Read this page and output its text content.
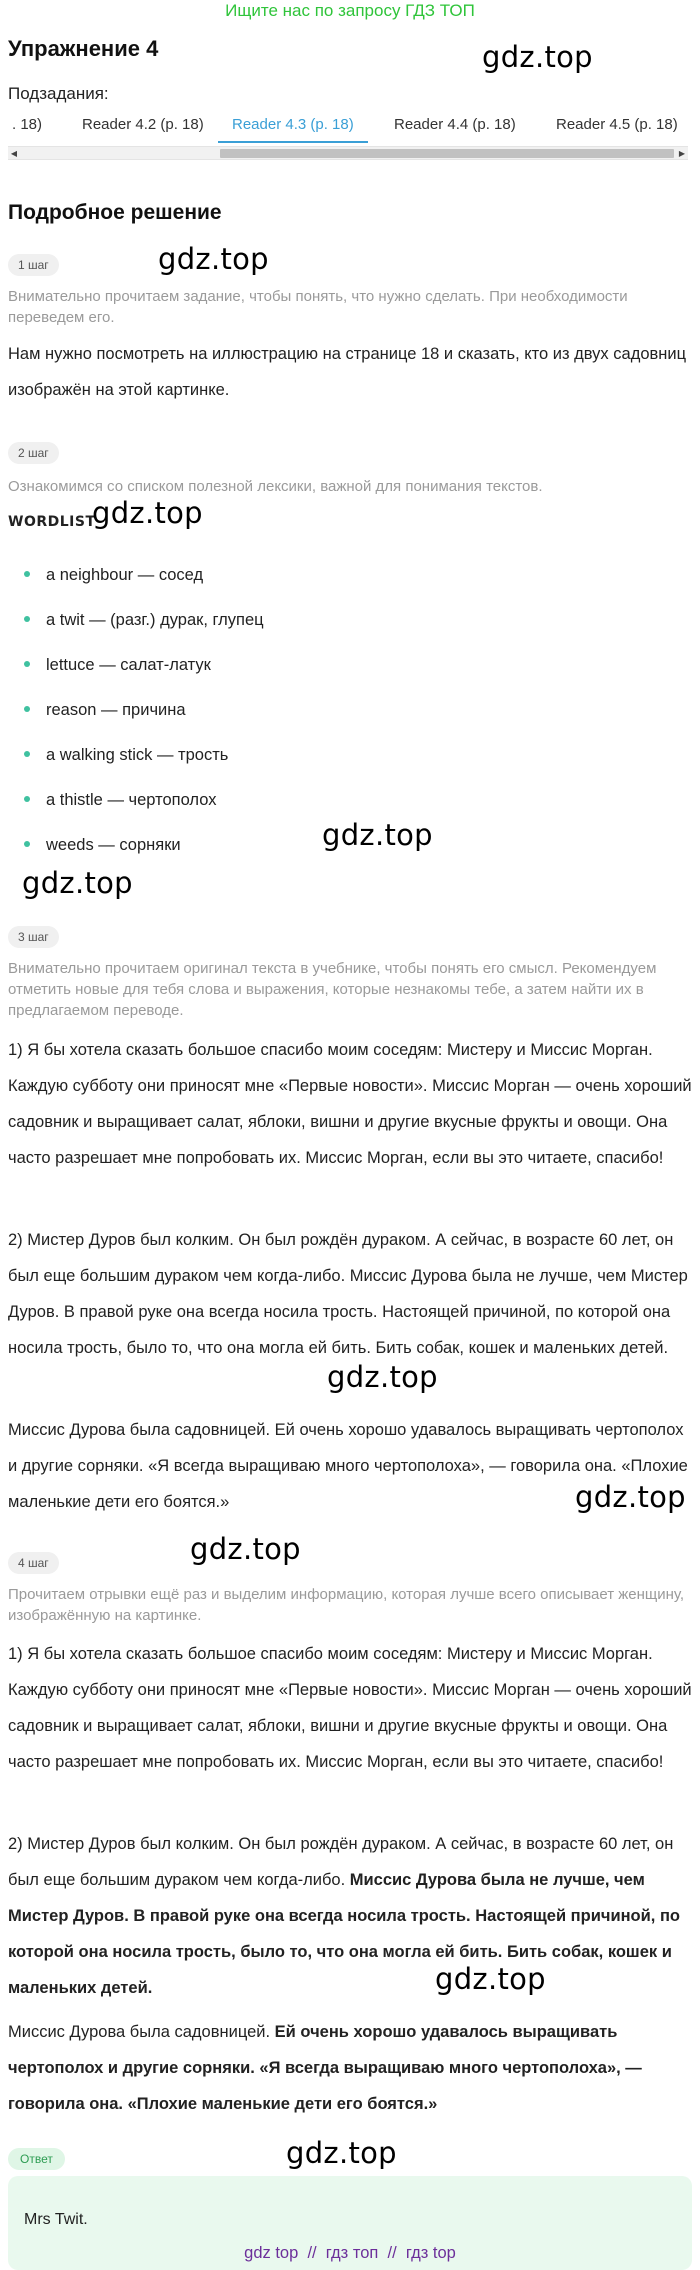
Ищите нас по запросу ГДЗ ТОП
Упражнение 4	gdz.top
Подзадания:
. 18)	Reader 4.2 (p. 18) Reader 4.3 (p. 18)	Reader 4.4 (p. 18)	Reader 4.5 (p. 18)
◀	▶
Подробное решение
1 шаг	gdz.top
Внимательно прочитаем задание, чтобы понять, что нужно сделать. При необходимости переведем его.
Нам нужно посмотреть на иллюстрацию на странице 18 и сказать, кто из двух садовниц изображён на этой картинке.
2 шаг
Ознакомимся со списком полезной лексики, важной для понимания текстов.
WORDLIST
gdz.top
a neighbour — сосед
a twit — (разг.) дурак, глупец
lettuce — салат-латук
reason — причина
a walking stick — трость
a thistle — чертополох
weeds — сорняки	gdz.top
gdz.top
3 шаг
Внимательно прочитаем оригинал текста в учебнике, чтобы понять его смысл. Рекомендуем отметить новые для тебя слова и выражения, которые незнакомы тебе, а затем найти их в предлагаемом переводе.
1) Я бы хотела сказать большое спасибо моим соседям: Мистеру и Миссис Морган. Каждую субботу они приносят мне «Первые новости». Миссис Морган — очень хороший садовник и выращивает салат, яблоки, вишни и другие вкусные фрукты и овощи. Она часто разрешает мне попробовать их. Миссис Морган, если вы это читаете, спасибо!
2) Мистер Дуров был колким. Он был рождён дураком. А сейчас, в возрасте 60 лет, он был еще большим дураком чем когда-либо. Миссис Дурова была не лучше, чем Мистер Дуров. В правой руке она всегда носила трость. Настоящей причиной, по которой она носила трость, было то, что она могла ей бить. Бить собак, кошек и маленьких детей.
gdz.top
Миссис Дурова была садовницей. Ей очень хорошо удавалось выращивать чертополох и другие сорняки. «Я всегда выращиваю много чертополоха», — говорила она. «Плохие маленькие дети его боятся.»	gdz.top
4 шаг	gdz.top
Прочитаем отрывки ещё раз и выделим информацию, которая лучше всего описывает женщину, изображённую на картинке.
1) Я бы хотела сказать большое спасибо моим соседям: Мистеру и Миссис Морган. Каждую субботу они приносят мне «Первые новости». Миссис Морган — очень хороший садовник и выращивает салат, яблоки, вишни и другие вкусные фрукты и овощи. Она часто разрешает мне попробовать их. Миссис Морган, если вы это читаете, спасибо!
2) Мистер Дуров был колким. Он был рождён дураком. А сейчас, в возрасте 60 лет, он был еще большим дураком чем когда-либо. Миссис Дурова была не лучше, чем Мистер Дуров. В правой руке она всегда носила трость. Настоящей причиной, по которой она носила трость, было то, что она могла ей бить. Бить собак, кошек и маленьких детей.	gdz.top
Миссис Дурова была садовницей. Ей очень хорошо удавалось выращивать чертополох и другие сорняки. «Я всегда выращиваю много чертополоха», — говорила она. «Плохие маленькие дети его боятся.»
Ответ	gdz.top
Mrs Twit.
gdz top // гдз топ // гдз top
